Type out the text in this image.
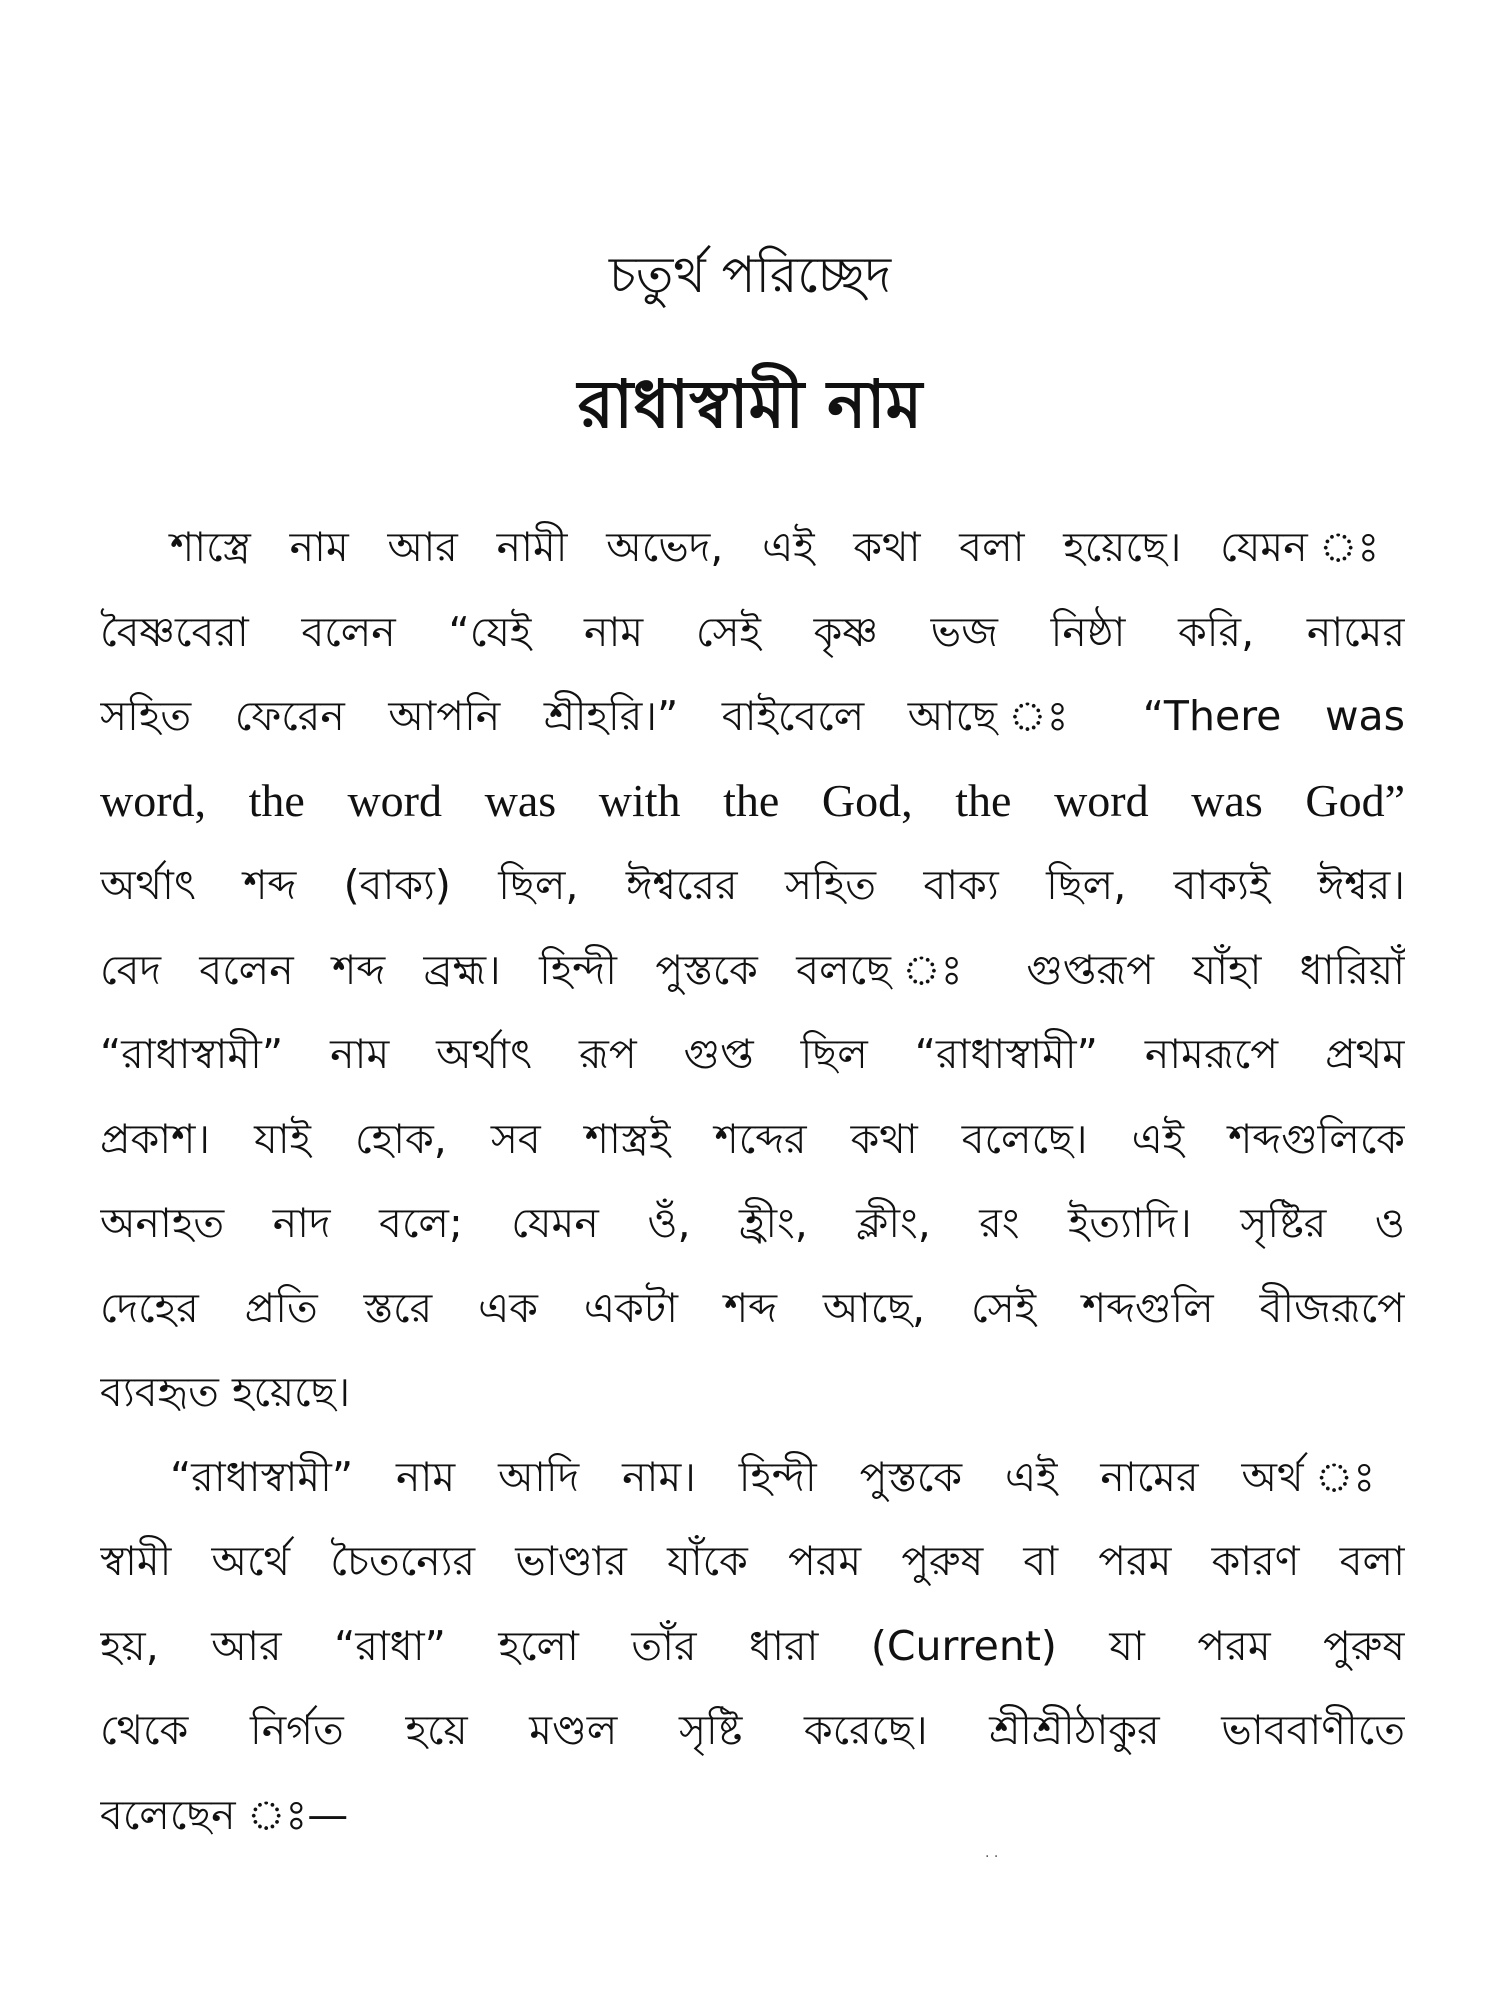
চতুর্থ পরিচ্ছেদ
রাধাস্বামী নাম

শাস্ত্রে নাম আর নামী অভেদ, এই কথা বলা হয়েছে। যেমন ঃ
বৈষ্ণবেরা বলেন “যেই নাম সেই কৃষ্ণ ভজ নিষ্ঠা করি, নামের
সহিত ফেরেন আপনি শ্রীহরি।” বাইবেলে আছে ঃ “There was
word, the word was with the God, the word was God”
অর্থাৎ শব্দ (বাক্য) ছিল, ঈশ্বরের সহিত বাক্য ছিল, বাক্যই ঈশ্বর।
বেদ বলেন শব্দ ব্রহ্ম। হিন্দী পুস্তকে বলছে ঃ গুপ্তরূপ যাঁহা ধারিয়াঁ
“রাধাস্বামী” নাম অর্থাৎ রূপ গুপ্ত ছিল “রাধাস্বামী” নামরূপে প্রথম
প্রকাশ। যাই হোক, সব শাস্ত্রই শব্দের কথা বলেছে। এই শব্দগুলিকে
অনাহত নাদ বলে; যেমন ওঁ, হ্রীং, ক্লীং, রং ইত্যাদি। সৃষ্টির ও
দেহের প্রতি স্তরে এক একটা শব্দ আছে, সেই শব্দগুলি বীজরূপে
ব্যবহৃত হয়েছে।

“রাধাস্বামী” নাম আদি নাম। হিন্দী পুস্তকে এই নামের অর্থ ঃ
স্বামী অর্থে চৈতন্যের ভাণ্ডার যাঁকে পরম পুরুষ বা পরম কারণ বলা
হয়, আর “রাধা” হলো তাঁর ধারা (Current) যা পরম পুরুষ
থেকে নির্গত হয়ে মণ্ডল সৃষ্টি করেছে। শ্রীশ্রীঠাকুর ভাববাণীতে
বলেছেন ঃ—

· ·
